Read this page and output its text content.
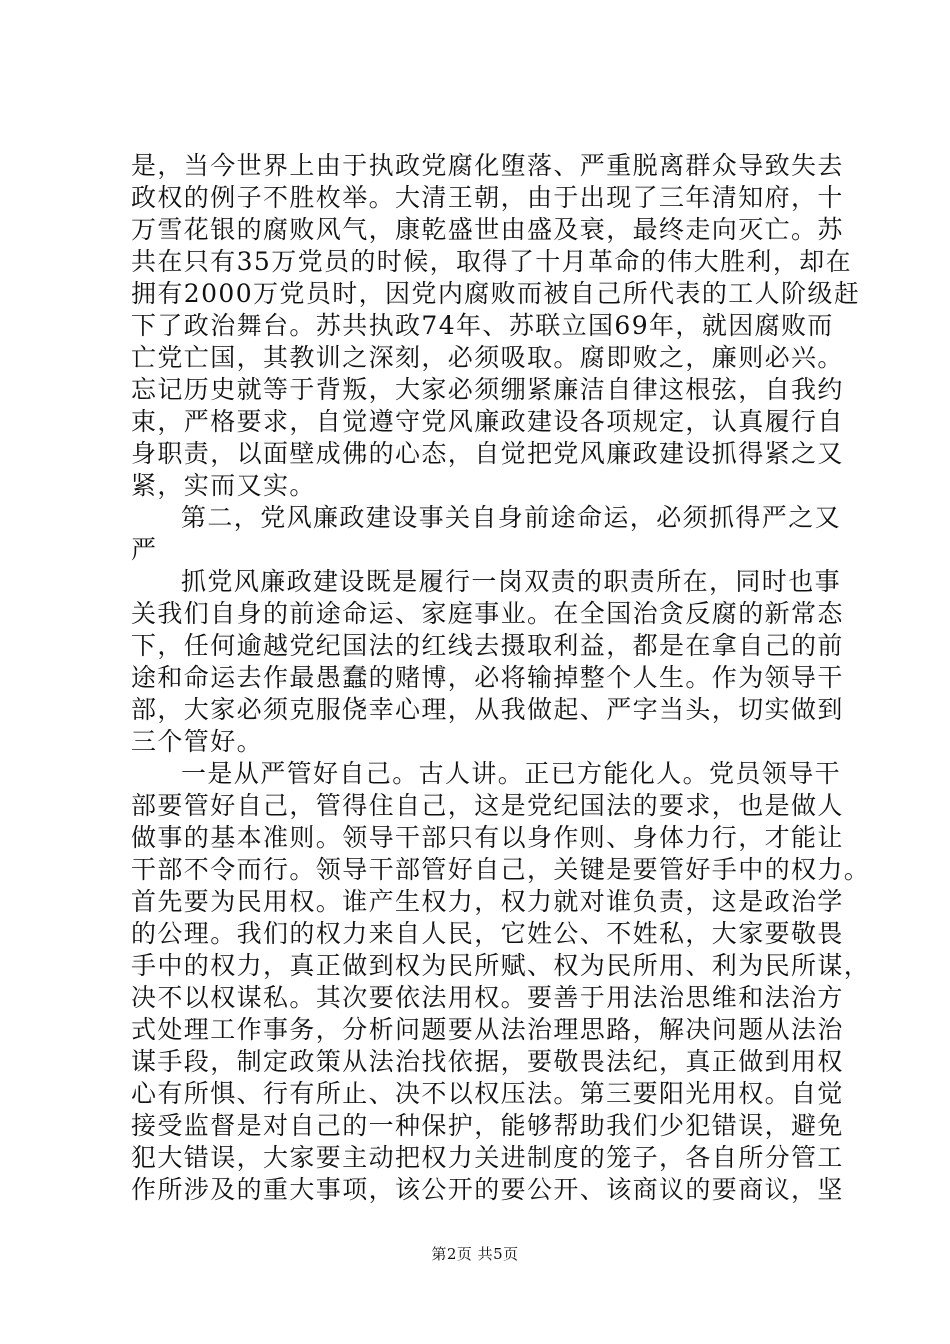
是，当今世界上由于执政党腐化堕落、严重脱离群众导致失去
政权的例子不胜枚举。大清王朝，由于出现了三年清知府，十
万雪花银的腐败风气，康乾盛世由盛及衰，最终走向灭亡。苏
共在只有35万党员的时候，取得了十月革命的伟大胜利，却在
拥有2000万党员时，因党内腐败而被自己所代表的工人阶级赶
下了政治舞台。苏共执政74年、苏联立国69年，就因腐败而
亡党亡国，其教训之深刻，必须吸取。腐即败之，廉则必兴。
忘记历史就等于背叛，大家必须绷紧廉洁自律这根弦，自我约
束，严格要求，自觉遵守党风廉政建设各项规定，认真履行自
身职责，以面壁成佛的心态，自觉把党风廉政建设抓得紧之又
紧，实而又实。
第二，党风廉政建设事关自身前途命运，必须抓得严之又
严
抓党风廉政建设既是履行一岗双责的职责所在，同时也事
关我们自身的前途命运、家庭事业。在全国治贪反腐的新常态
下，任何逾越党纪国法的红线去摄取利益，都是在拿自己的前
途和命运去作最愚蠢的赌博，必将输掉整个人生。作为领导干
部，大家必须克服侥幸心理，从我做起、严字当头，切实做到
三个管好。
一是从严管好自己。古人讲。正已方能化人。党员领导干
部要管好自己，管得住自己，这是党纪国法的要求，也是做人
做事的基本准则。领导干部只有以身作则、身体力行，才能让
干部不令而行。领导干部管好自己，关键是要管好手中的权力。
首先要为民用权。谁产生权力，权力就对谁负责，这是政治学
的公理。我们的权力来自人民，它姓公、不姓私，大家要敬畏
手中的权力，真正做到权为民所赋、权为民所用、利为民所谋，
决不以权谋私。其次要依法用权。要善于用法治思维和法治方
式处理工作事务，分析问题要从法治理思路，解决问题从法治
谋手段，制定政策从法治找依据，要敬畏法纪，真正做到用权
心有所惧、行有所止、决不以权压法。第三要阳光用权。自觉
接受监督是对自己的一种保护，能够帮助我们少犯错误，避免
犯大错误，大家要主动把权力关进制度的笼子，各自所分管工
作所涉及的重大事项，该公开的要公开、该商议的要商议，坚
第2页 共5页
